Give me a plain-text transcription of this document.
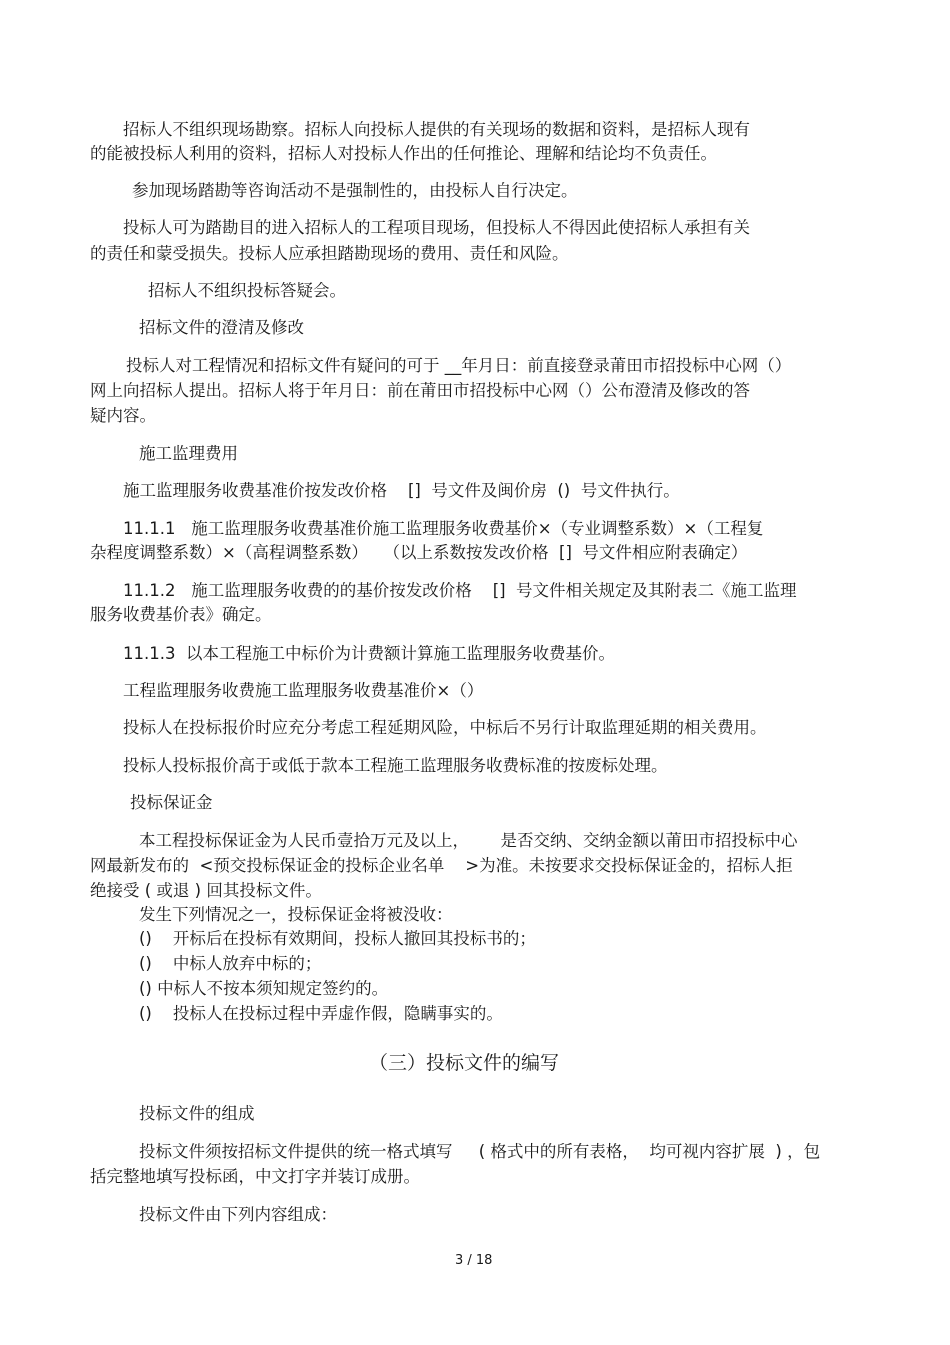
招标人不组织现场勘察。招标人向投标人提供的有关现场的数据和资料，是招标人现有
的能被投标人利用的资料，招标人对投标人作出的任何推论、理解和结论均不负责任。
参加现场踏勘等咨询活动不是强制性的，由投标人自行决定。
投标人可为踏勘目的进入招标人的工程项目现场，但投标人不得因此使招标人承担有关
的责任和蒙受损失。投标人应承担踏勘现场的费用、责任和风险。
招标人不组织投标答疑会。
招标文件的澄清及修改
投标人对工程情况和招标文件有疑问的可于 __年月日：前直接登录莆田市招投标中心网（）
网上向招标人提出。招标人将于年月日：前在莆田市招投标中心网（）公布澄清及修改的答
疑内容。
施工监理费用
施工监理服务收费基准价按发改价格    []  号文件及闽价房  ()  号文件执行。
11.1.1   施工监理服务收费基准价施工监理服务收费基价×（专业调整系数）×（工程复
杂程度调整系数）×（高程调整系数）   （以上系数按发改价格  []  号文件相应附表确定）
11.1.2   施工监理服务收费的的基价按发改价格    []  号文件相关规定及其附表二《施工监理
服务收费基价表》确定。
11.1.3  以本工程施工中标价为计费额计算施工监理服务收费基价。
工程监理服务收费施工监理服务收费基准价×（）
投标人在投标报价时应充分考虑工程延期风险，中标后不另行计取监理延期的相关费用。
投标人投标报价高于或低于款本工程施工监理服务收费标准的按废标处理。
投标保证金
本工程投标保证金为人民币壹拾万元及以上，      是否交纳、交纳金额以莆田市招投标中心
网最新发布的  <预交投标保证金的投标企业名单    >为准。未按要求交投标保证金的，招标人拒
绝接受 ( 或退 ) 回其投标文件。
发生下列情况之一，投标保证金将被没收：
()    开标后在投标有效期间，投标人撤回其投标书的；
()    中标人放弃中标的；
() 中标人不按本须知规定签约的。
()    投标人在投标过程中弄虚作假，隐瞒事实的。
（三）投标文件的编写
投标文件的组成
投标文件须按招标文件提供的统一格式填写     ( 格式中的所有表格，  均可视内容扩展  ) ，包
括完整地填写投标函，中文打字并装订成册。
投标文件由下列内容组成：
3 / 18
